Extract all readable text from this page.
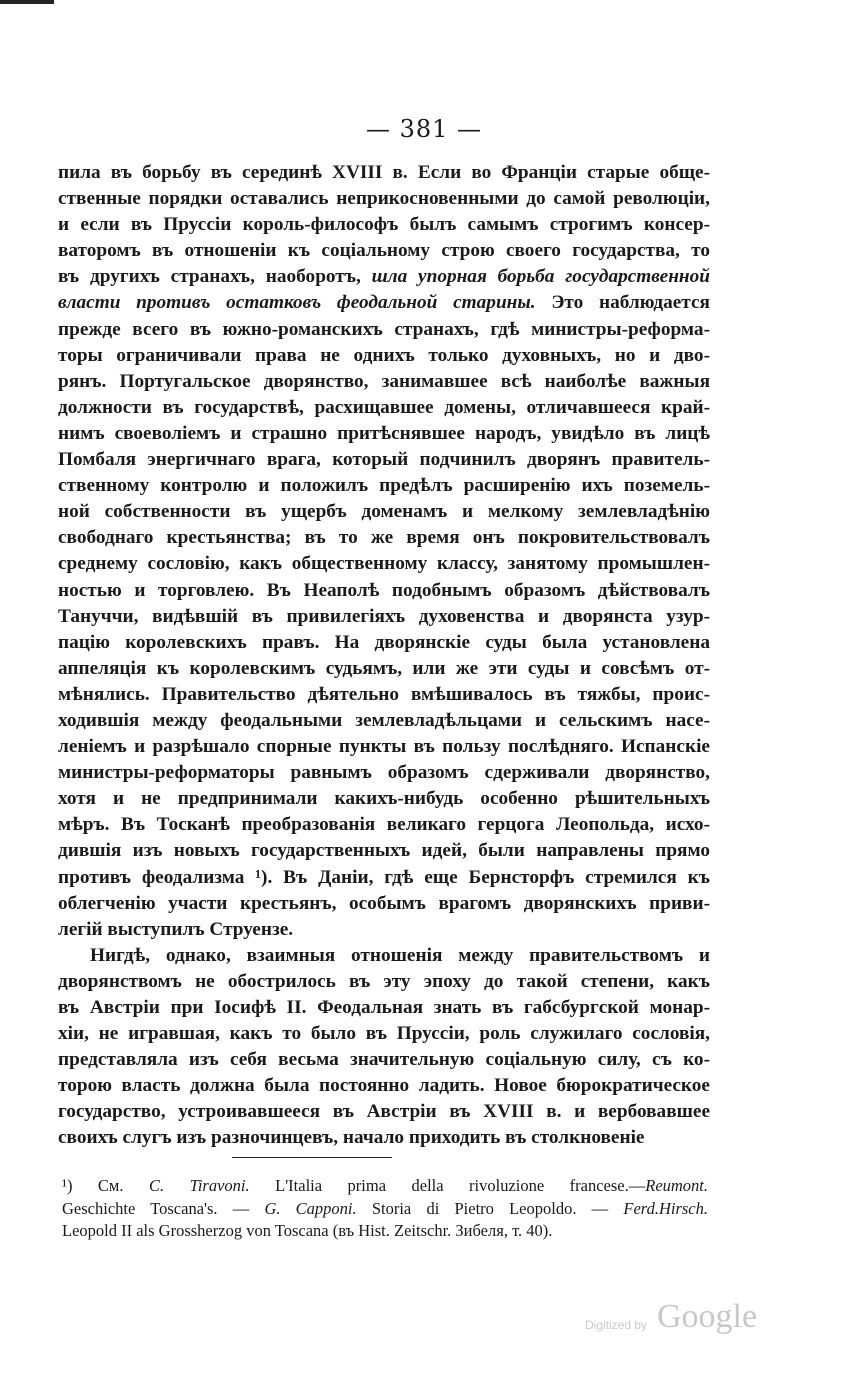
— 381 —
пила въ борьбу въ серединѣ XVIII в. Если во Франціи старые обще-
ственные порядки оставались неприкосновенными до самой революціи,
и если въ Пруссіи король-философъ былъ самымъ строгимъ консер-
ваторомъ въ отношеніи къ соціальному строю своего государства, то
въ другихъ странахъ, наоборотъ, шла упорная борьба государственной
власти противъ остатковъ феодальной старины. Это наблюдается
прежде всего въ южно-романскихъ странахъ, гдѣ министры-реформа-
торы ограничивали права не однихъ только духовныхъ, но и дво-
рянъ. Португальское дворянство, занимавшее всѣ наиболѣе важныя
должности въ государствѣ, расхищавшее домены, отличавшееся край-
нимъ своеволіемъ и страшно притѣснявшее народъ, увидѣло въ лицѣ
Помбаля энергичнаго врага, который подчинилъ дворянъ правитель-
ственному контролю и положилъ предѣлъ расширенію ихъ поземель-
ной собственности въ ущербъ доменамъ и мелкому землевладѣнію
свободнаго крестьянства; въ то же время онъ покровительствовалъ
среднему сословію, какъ общественному классу, занятому промышлен-
ностью и торговлею. Въ Неаполѣ подобнымъ образомъ дѣйствовалъ
Тануччи, видѣвшій въ привилегіяхъ духовенства и дворянста узур-
пацію королевскихъ правъ. На дворянскіе суды была установлена
аппеляція къ королевскимъ судьямъ, или же эти суды и совсѣмъ от-
мѣнялись. Правительство дѣятельно вмѣшивалось въ тяжбы, проис-
ходившія между феодальными землевладѣльцами и сельскимъ насе-
леніемъ и разрѣшало спорные пункты въ пользу послѣдняго. Испанскіе
министры-реформаторы равнымъ образомъ сдерживали дворянство,
хотя и не предпринимали какихъ-нибудь особенно рѣшительныхъ
мѣръ. Въ Тосканѣ преобразованія великаго герцога Леопольда, исхо-
дившія изъ новыхъ государственныхъ идей, были направлены прямо
противъ феодализма ¹). Въ Даніи, гдѣ еще Бернсторфъ стремился къ
облегченію участи крестьянъ, особымъ врагомъ дворянскихъ приви-
легій выступилъ Струензе.
Нигдѣ, однако, взаимныя отношенія между правительствомъ и
дворянствомъ не обострилось въ эту эпоху до такой степени, какъ
въ Австріи при Іосифѣ II. Феодальная знать въ габсбургской монар-
хіи, не игравшая, какъ то было въ Пруссіи, роль служилаго сословія,
представляла изъ себя весьма значительную соціальную силу, съ ко-
торою власть должна была постоянно ладить. Новое бюрократическое
государство, устроивавшееся въ Австріи въ XVIII в. и вербовавшее
своихъ слугъ изъ разночинцевъ, начало приходить въ столкновеніе
¹) См. C. Tiravoni. L'Italia prima della rivoluzione francese.—Reumont.
Geschichte Toscana's. — G. Capponi. Storia di Pietro Leopoldo. — Ferd.Hirsch.
Leopold II als Grossherzog von Toscana (въ Hist. Zeitschr. Зибеля, т. 40).
Digitized by Google
